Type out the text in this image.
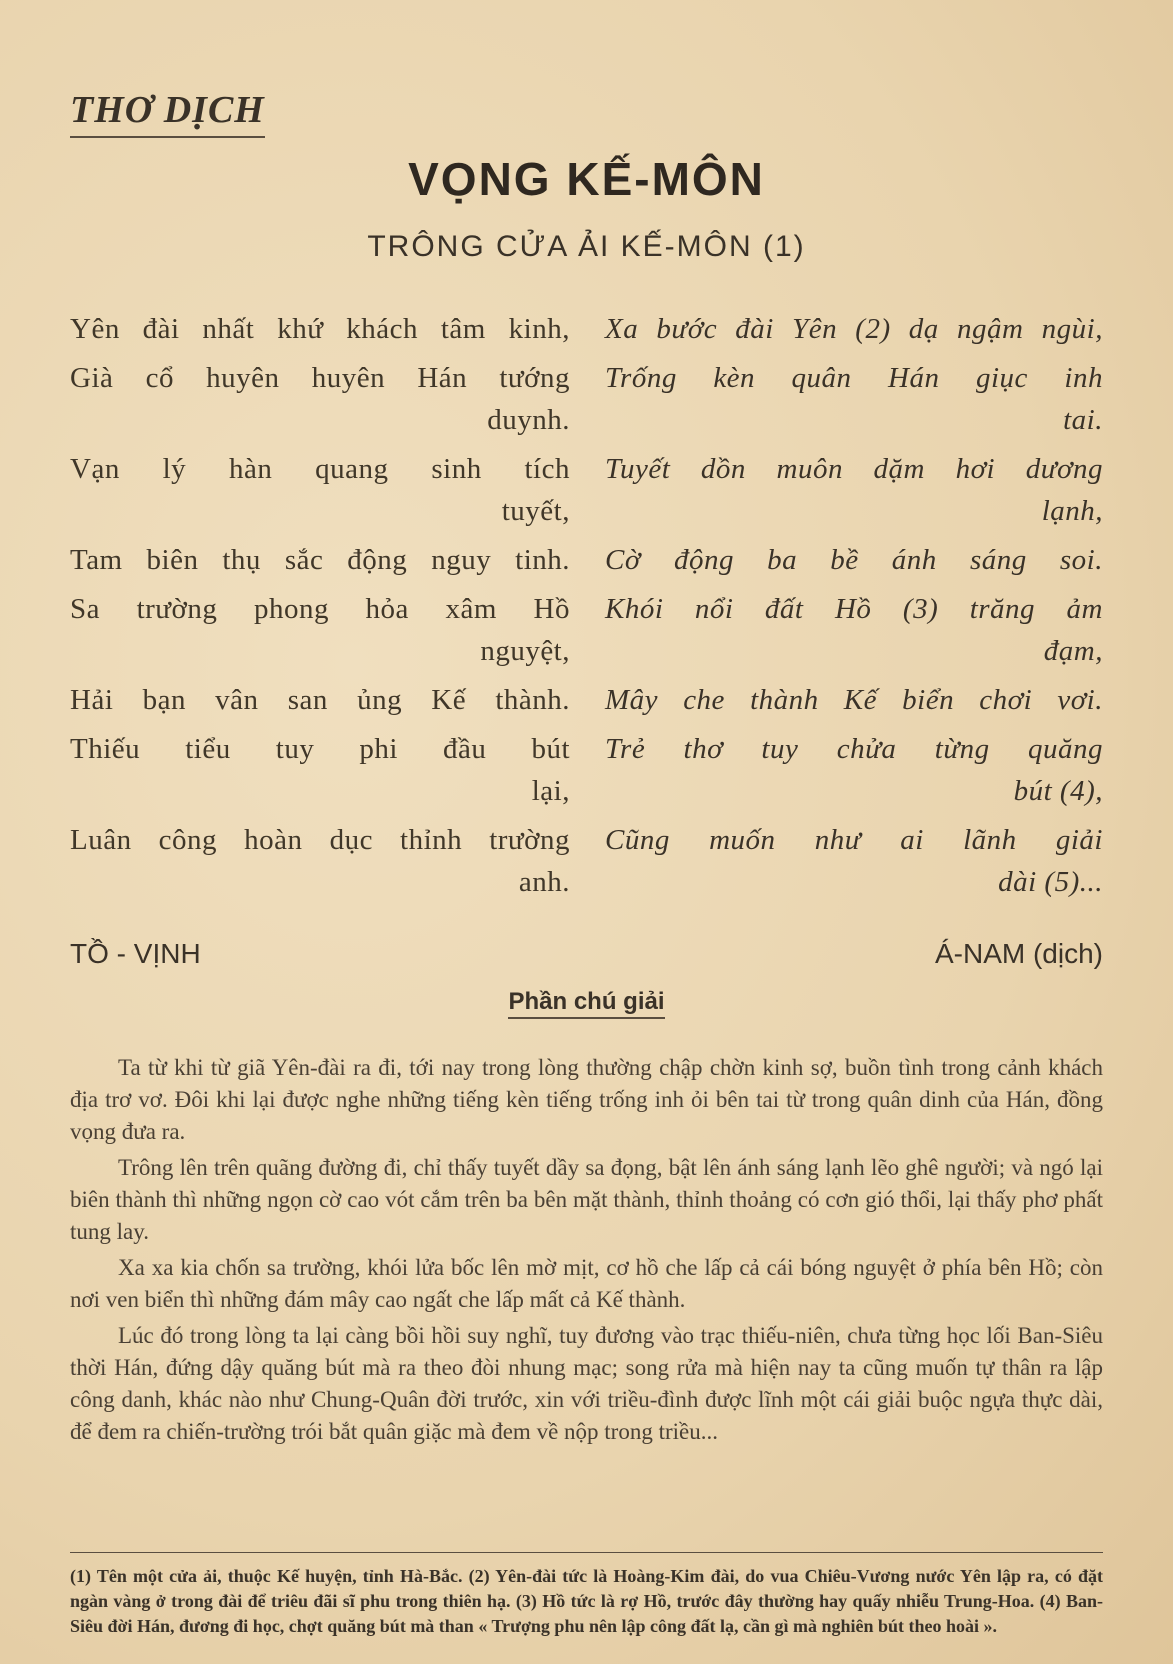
THƠ DỊCH
VỌNG KẾ-MÔN
TRÔNG CỬA ẢI KẾ-MÔN (1)
Yên đài nhất khứ khách tâm kinh, Xa bước đài Yên (2) dạ ngậm ngùi,
Già cổ huyên huyên Hán tướng
duynh.
Trống kèn quân Hán giục inh
tai.
Vạn lý hàn quang sinh tích
tuyết,
Tuyết dồn muôn dặm hơi dương
lạnh,
Tam biên thụ sắc động nguy tinh. Cờ động ba bề ánh sáng soi.
Sa trường phong hỏa xâm Hồ
nguyệt,
Khói nổi đất Hồ (3) trăng ảm
đạm,
Hải bạn vân san ủng Kế thành. Mây che thành Kế biển chơi vơi.
Thiếu tiểu tuy phi đầu bút
lại,
Trẻ thơ tuy chửa từng quăng
bút (4),
Luân công hoàn dục thỉnh trường
anh.
Cũng muốn như ai lãnh giải
dài (5)...
TỒ - VỊNH	Á-NAM (dịch)
Phần chú giải

Ta từ khi từ giã Yên-đài ra đi, tới nay trong lòng thường chập chờn kinh sợ, buồn tình trong cảnh khách địa trơ vơ. Đôi khi lại được nghe những tiếng kèn tiếng trống inh ỏi bên tai từ trong quân dinh của Hán, đồng vọng đưa ra.

Trông lên trên quãng đường đi, chỉ thấy tuyết dầy sa đọng, bật lên ánh sáng lạnh lẽo ghê người; và ngó lại biên thành thì những ngọn cờ cao vót cắm trên ba bên mặt thành, thỉnh thoảng có cơn gió thổi, lại thấy phơ phất tung lay.

Xa xa kia chốn sa trường, khói lửa bốc lên mờ mịt, cơ hồ che lấp cả cái bóng nguyệt ở phía bên Hồ; còn nơi ven biển thì những đám mây cao ngất che lấp mất cả Kế thành.

Lúc đó trong lòng ta lại càng bồi hồi suy nghĩ, tuy đương vào trạc thiếu-niên, chưa từng học lối Ban-Siêu thời Hán, đứng dậy quăng bút mà ra theo đòi nhung mạc; song rửa mà hiện nay ta cũng muốn tự thân ra lập công danh, khác nào như Chung-Quân đời trước, xin với triều-đình được lĩnh một cái giải buộc ngựa thực dài, để đem ra chiến-trường trói bắt quân giặc mà đem về nộp trong triều...

(1) Tên một cửa ải, thuộc Kế huyện, tỉnh Hà-Bắc. (2) Yên-đài tức là Hoàng-Kim đài, do vua Chiêu-Vương nước Yên lập ra, có đặt ngàn vàng ở trong đài để triêu đãi sĩ phu trong thiên hạ. (3) Hồ tức là rợ Hồ, trước đây thường hay quấy nhiễu Trung-Hoa. (4) Ban-Siêu đời Hán, đương đi học, chợt quăng bút mà than « Trượng phu nên lập công đất lạ, cần gì mà nghiên bút theo hoài ».
